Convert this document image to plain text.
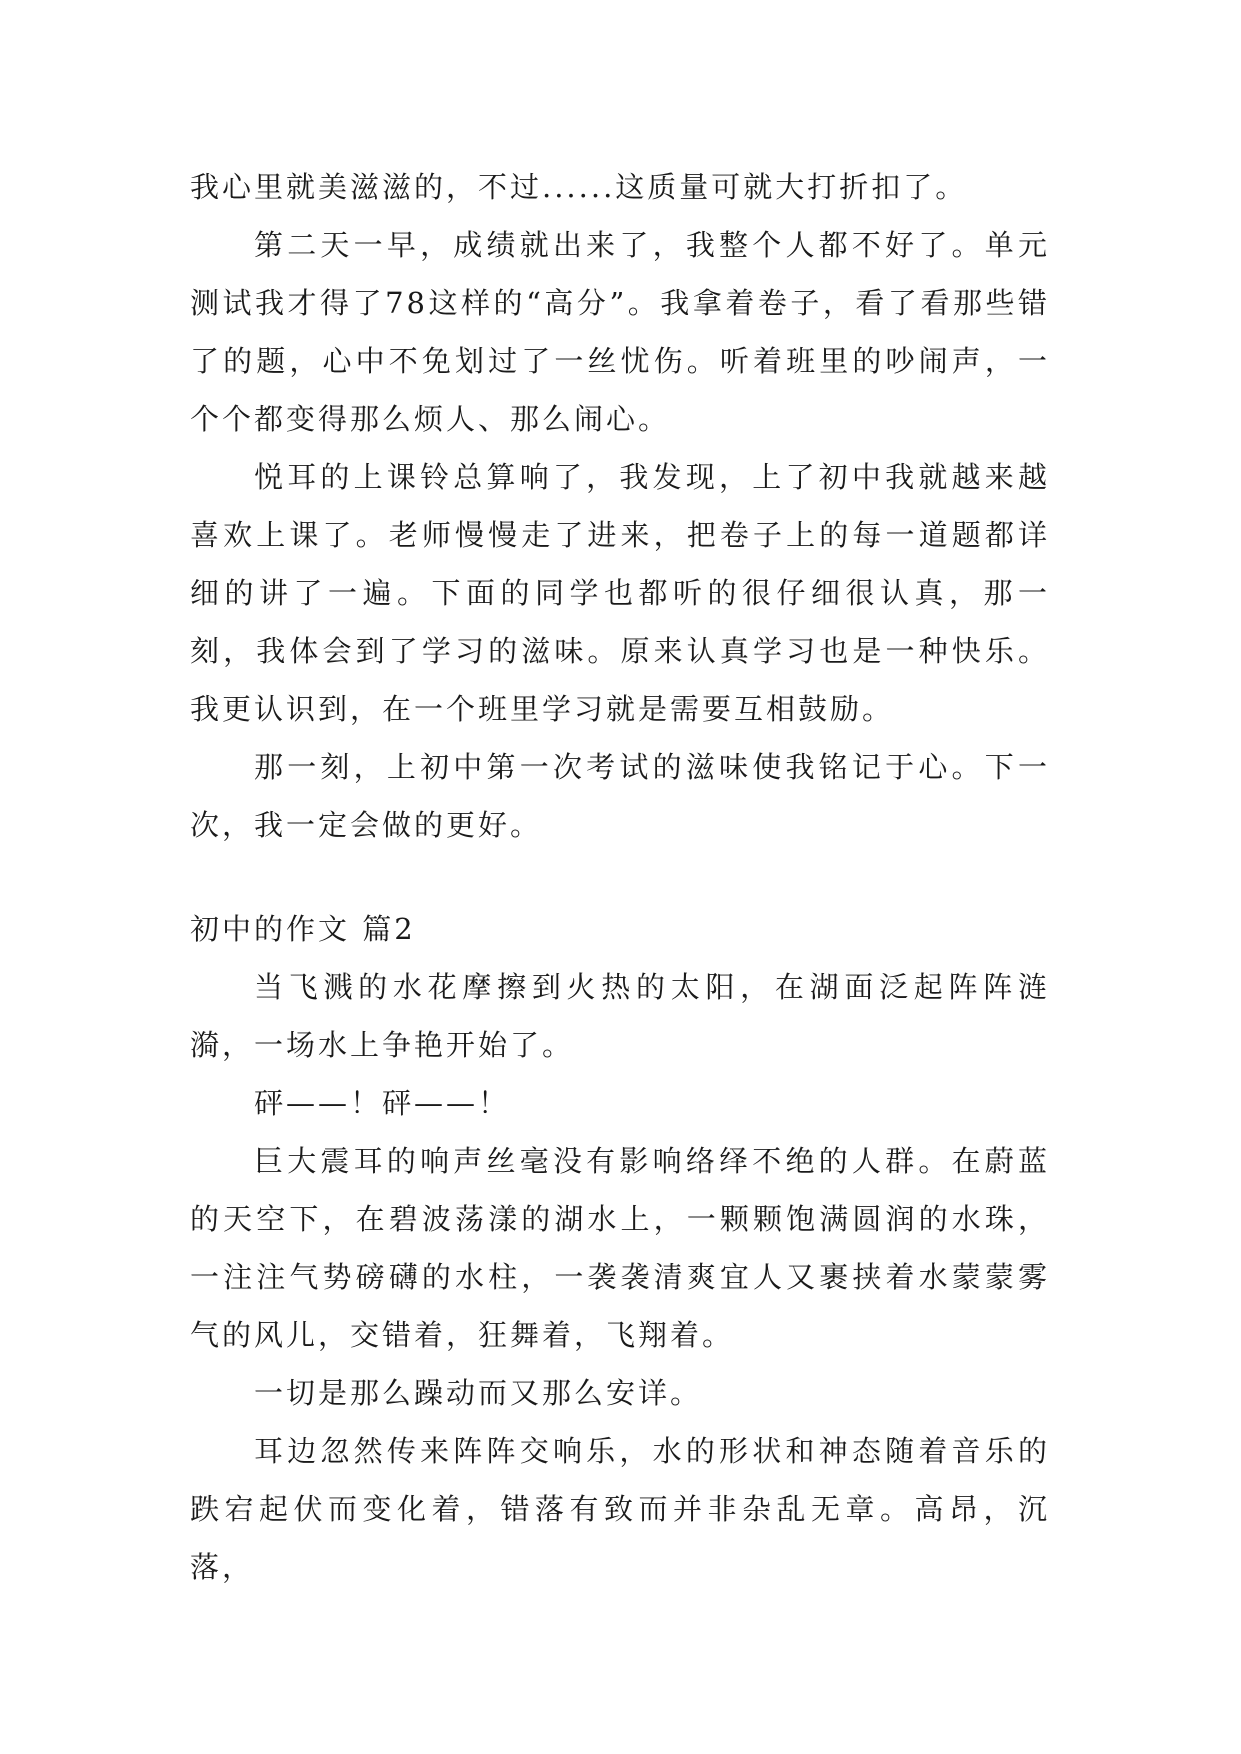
我心里就美滋滋的，不过......这质量可就大打折扣了。

第二天一早，成绩就出来了，我整个人都不好了。单元测试我才得了78这样的“高分”。我拿着卷子，看了看那些错了的题，心中不免划过了一丝忧伤。听着班里的吵闹声，一个个都变得那么烦人、那么闹心。

悦耳的上课铃总算响了，我发现，上了初中我就越来越喜欢上课了。老师慢慢走了进来，把卷子上的每一道题都详细的讲了一遍。下面的同学也都听的很仔细很认真，那一刻，我体会到了学习的滋味。原来认真学习也是一种快乐。我更认识到，在一个班里学习就是需要互相鼓励。

那一刻，上初中第一次考试的滋味使我铭记于心。下一次，我一定会做的更好。

初中的作文 篇2

当飞溅的水花摩擦到火热的太阳，在湖面泛起阵阵涟漪，一场水上争艳开始了。

砰——！砰——！

巨大震耳的响声丝毫没有影响络绎不绝的人群。在蔚蓝的天空下，在碧波荡漾的湖水上，一颗颗饱满圆润的水珠，一注注气势磅礴的水柱，一袭袭清爽宜人又裹挟着水蒙蒙雾气的风儿，交错着，狂舞着，飞翔着。

一切是那么躁动而又那么安详。

耳边忽然传来阵阵交响乐，水的形状和神态随着音乐的跌宕起伏而变化着，错落有致而并非杂乱无章。高昂，沉落，
